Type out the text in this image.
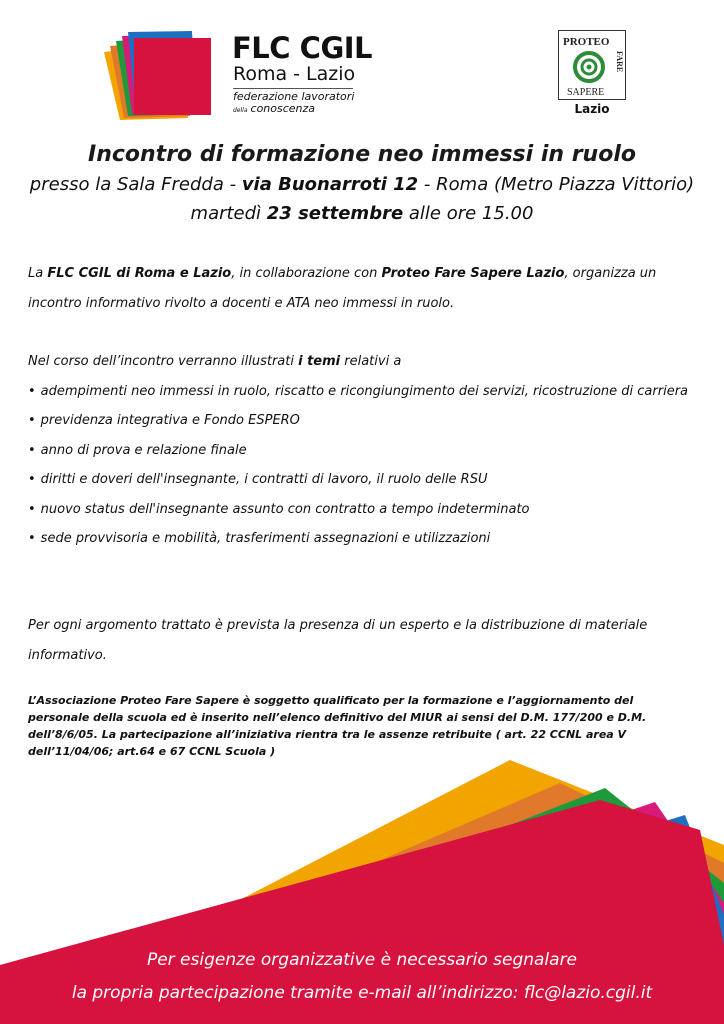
FLC CGIL
Roma - Lazio
federazione lavoratori
della conoscenza
PROTEO
FARE
SAPERE
Lazio
Incontro di formazione neo immessi in ruolo
presso la Sala Fredda - via Buonarroti 12 - Roma (Metro Piazza Vittorio)
martedì 23 settembre alle ore 15.00
La FLC CGIL di Roma e Lazio, in collaborazione con Proteo Fare Sapere Lazio, organizza un incontro informativo rivolto a docenti e ATA neo immessi in ruolo.
Nel corso dell’incontro verranno illustrati i temi relativi a
• adempimenti neo immessi in ruolo, riscatto e ricongiungimento dei servizi, ricostruzione di carriera
• previdenza integrativa e Fondo ESPERO
• anno di prova e relazione finale
• diritti e doveri dell'insegnante, i contratti di lavoro, il ruolo delle RSU
• nuovo status dell'insegnante assunto con contratto a tempo indeterminato
• sede provvisoria e mobilità, trasferimenti assegnazioni e utilizzazioni
Per ogni argomento trattato è prevista la presenza di un esperto e la distribuzione di materiale informativo.
L’Associazione Proteo Fare Sapere è soggetto qualificato per la formazione e l’aggiornamento del personale della scuola ed è inserito nell’elenco definitivo del MIUR ai sensi del D.M. 177/200 e D.M. dell’8/6/05. La partecipazione all’iniziativa rientra tra le assenze retribuite ( art. 22 CCNL area V dell’11/04/06; art.64 e 67 CCNL Scuola )
Per esigenze organizzative è necessario segnalare
la propria partecipazione tramite e-mail all’indirizzo: flc@lazio.cgil.it
